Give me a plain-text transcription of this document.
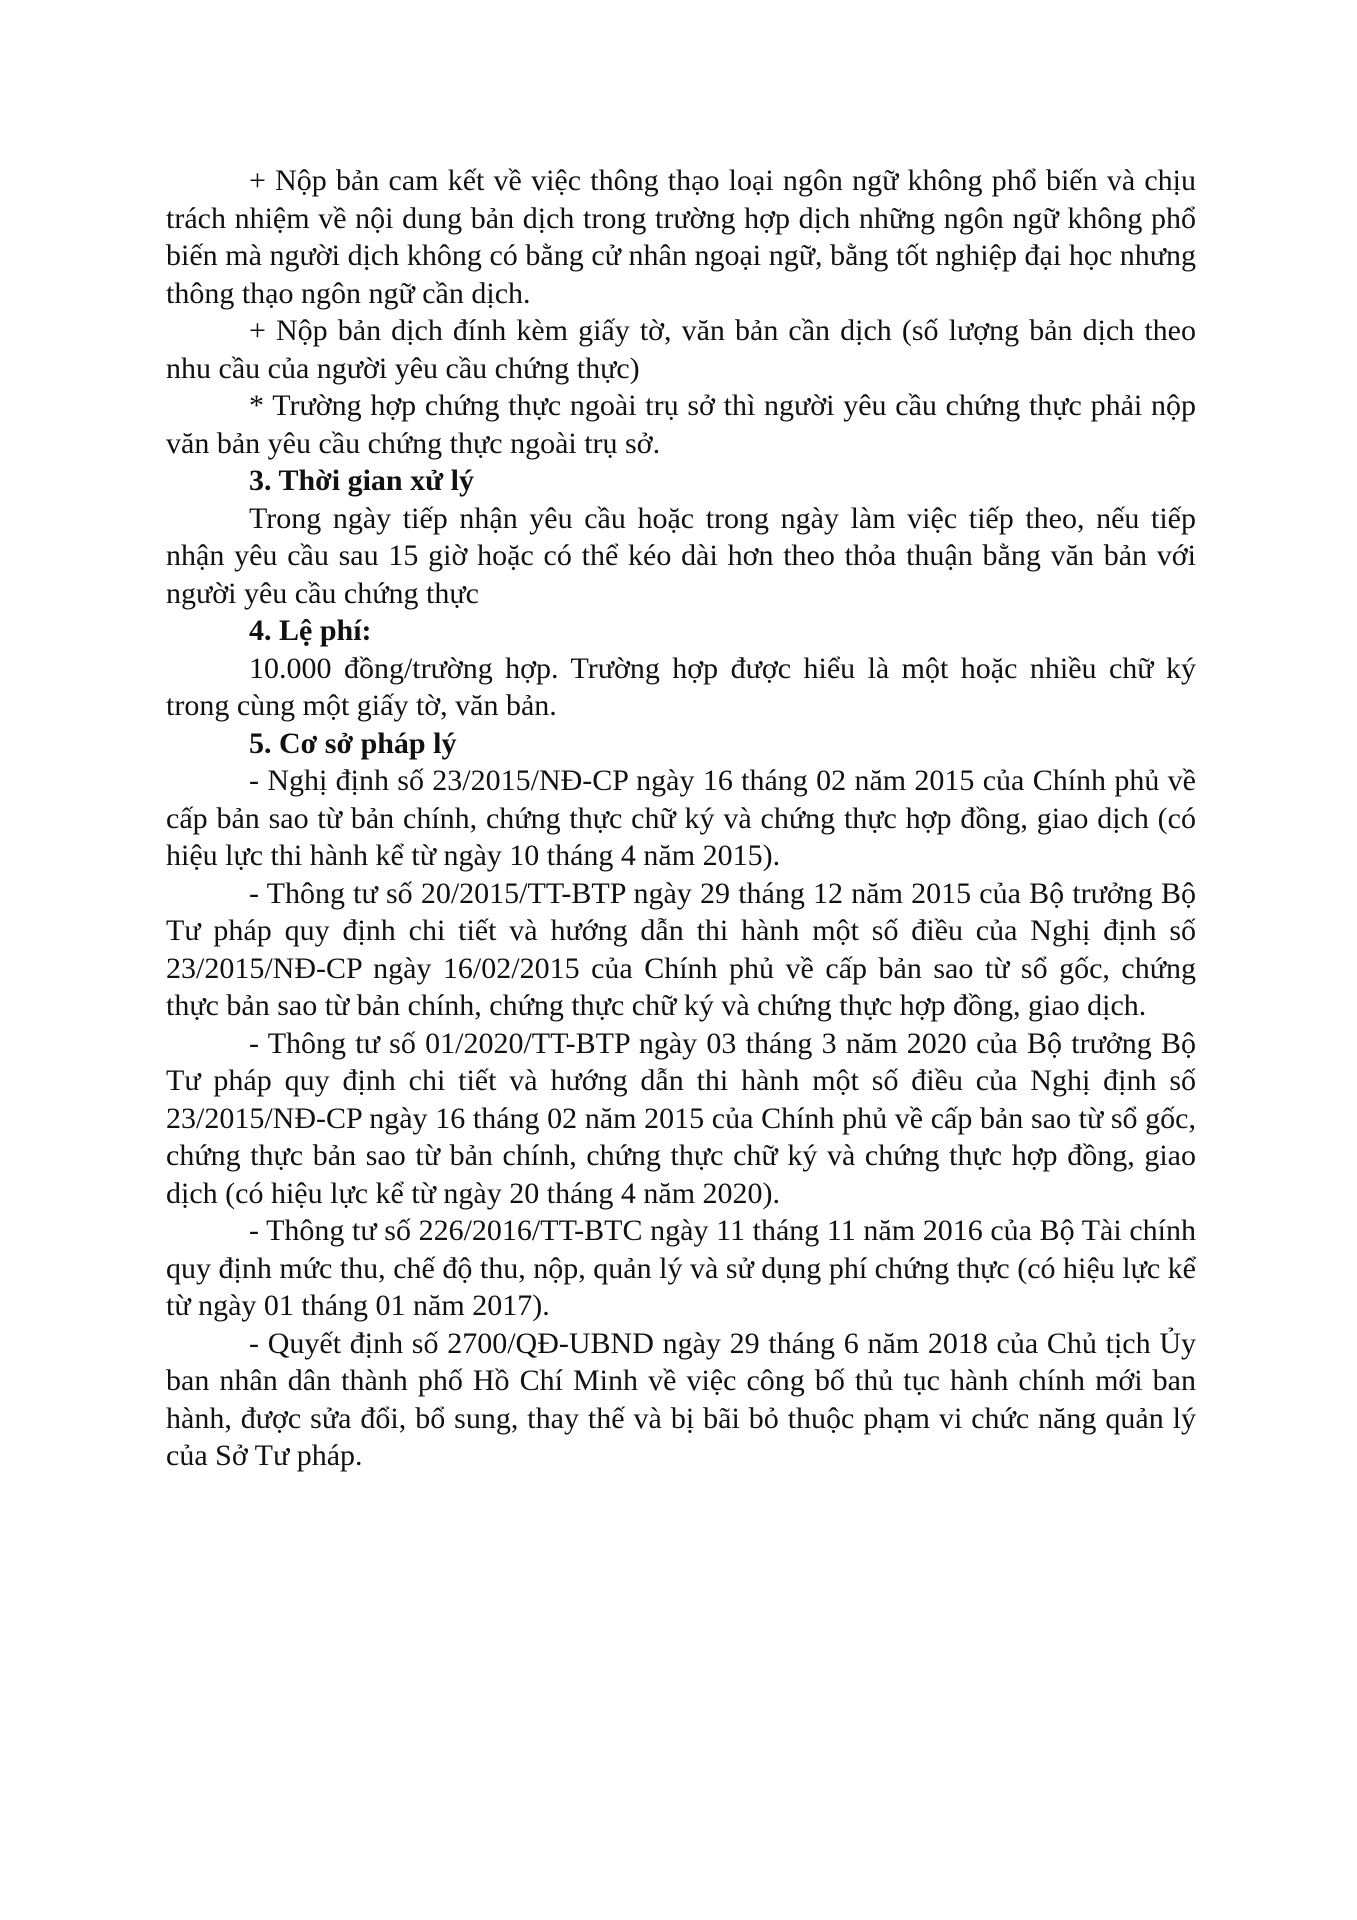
+ Nộp bản cam kết về việc thông thạo loại ngôn ngữ không phổ biến và chịu trách nhiệm về nội dung bản dịch trong trường hợp dịch những ngôn ngữ không phổ biến mà người dịch không có bằng cử nhân ngoại ngữ, bằng tốt nghiệp đại học nhưng thông thạo ngôn ngữ cần dịch.

+ Nộp bản dịch đính kèm giấy tờ, văn bản cần dịch (số lượng bản dịch theo nhu cầu của người yêu cầu chứng thực)

* Trường hợp chứng thực ngoài trụ sở thì người yêu cầu chứng thực phải nộp văn bản yêu cầu chứng thực ngoài trụ sở.

3. Thời gian xử lý

Trong ngày tiếp nhận yêu cầu hoặc trong ngày làm việc tiếp theo, nếu tiếp nhận yêu cầu sau 15 giờ hoặc có thể kéo dài hơn theo thỏa thuận bằng văn bản với người yêu cầu chứng thực

4. Lệ phí:

10.000 đồng/trường hợp. Trường hợp được hiểu là một hoặc nhiều chữ ký trong cùng một giấy tờ, văn bản.

5. Cơ sở pháp lý

- Nghị định số 23/2015/NĐ-CP ngày 16 tháng 02 năm 2015 của Chính phủ về cấp bản sao từ bản chính, chứng thực chữ ký và chứng thực hợp đồng, giao dịch (có hiệu lực thi hành kể từ ngày 10 tháng 4 năm 2015).

- Thông tư số 20/2015/TT-BTP ngày 29 tháng 12 năm 2015 của Bộ trưởng Bộ Tư pháp quy định chi tiết và hướng dẫn thi hành một số điều của Nghị định số 23/2015/NĐ-CP ngày 16/02/2015 của Chính phủ về cấp bản sao từ sổ gốc, chứng thực bản sao từ bản chính, chứng thực chữ ký và chứng thực hợp đồng, giao dịch.

- Thông tư số 01/2020/TT-BTP ngày 03 tháng 3 năm 2020 của Bộ trưởng Bộ Tư pháp quy định chi tiết và hướng dẫn thi hành một số điều của Nghị định số 23/2015/NĐ-CP ngày 16 tháng 02 năm 2015 của Chính phủ về cấp bản sao từ sổ gốc, chứng thực bản sao từ bản chính, chứng thực chữ ký và chứng thực hợp đồng, giao dịch (có hiệu lực kể từ ngày 20 tháng 4 năm 2020).

- Thông tư số 226/2016/TT-BTC ngày 11 tháng 11 năm 2016 của Bộ Tài chính quy định mức thu, chế độ thu, nộp, quản lý và sử dụng phí chứng thực (có hiệu lực kể từ ngày 01 tháng 01 năm 2017).

- Quyết định số 2700/QĐ-UBND ngày 29 tháng 6 năm 2018 của Chủ tịch Ủy ban nhân dân thành phố Hồ Chí Minh về việc công bố thủ tục hành chính mới ban hành, được sửa đổi, bổ sung, thay thế và bị bãi bỏ thuộc phạm vi chức năng quản lý của Sở Tư pháp.
